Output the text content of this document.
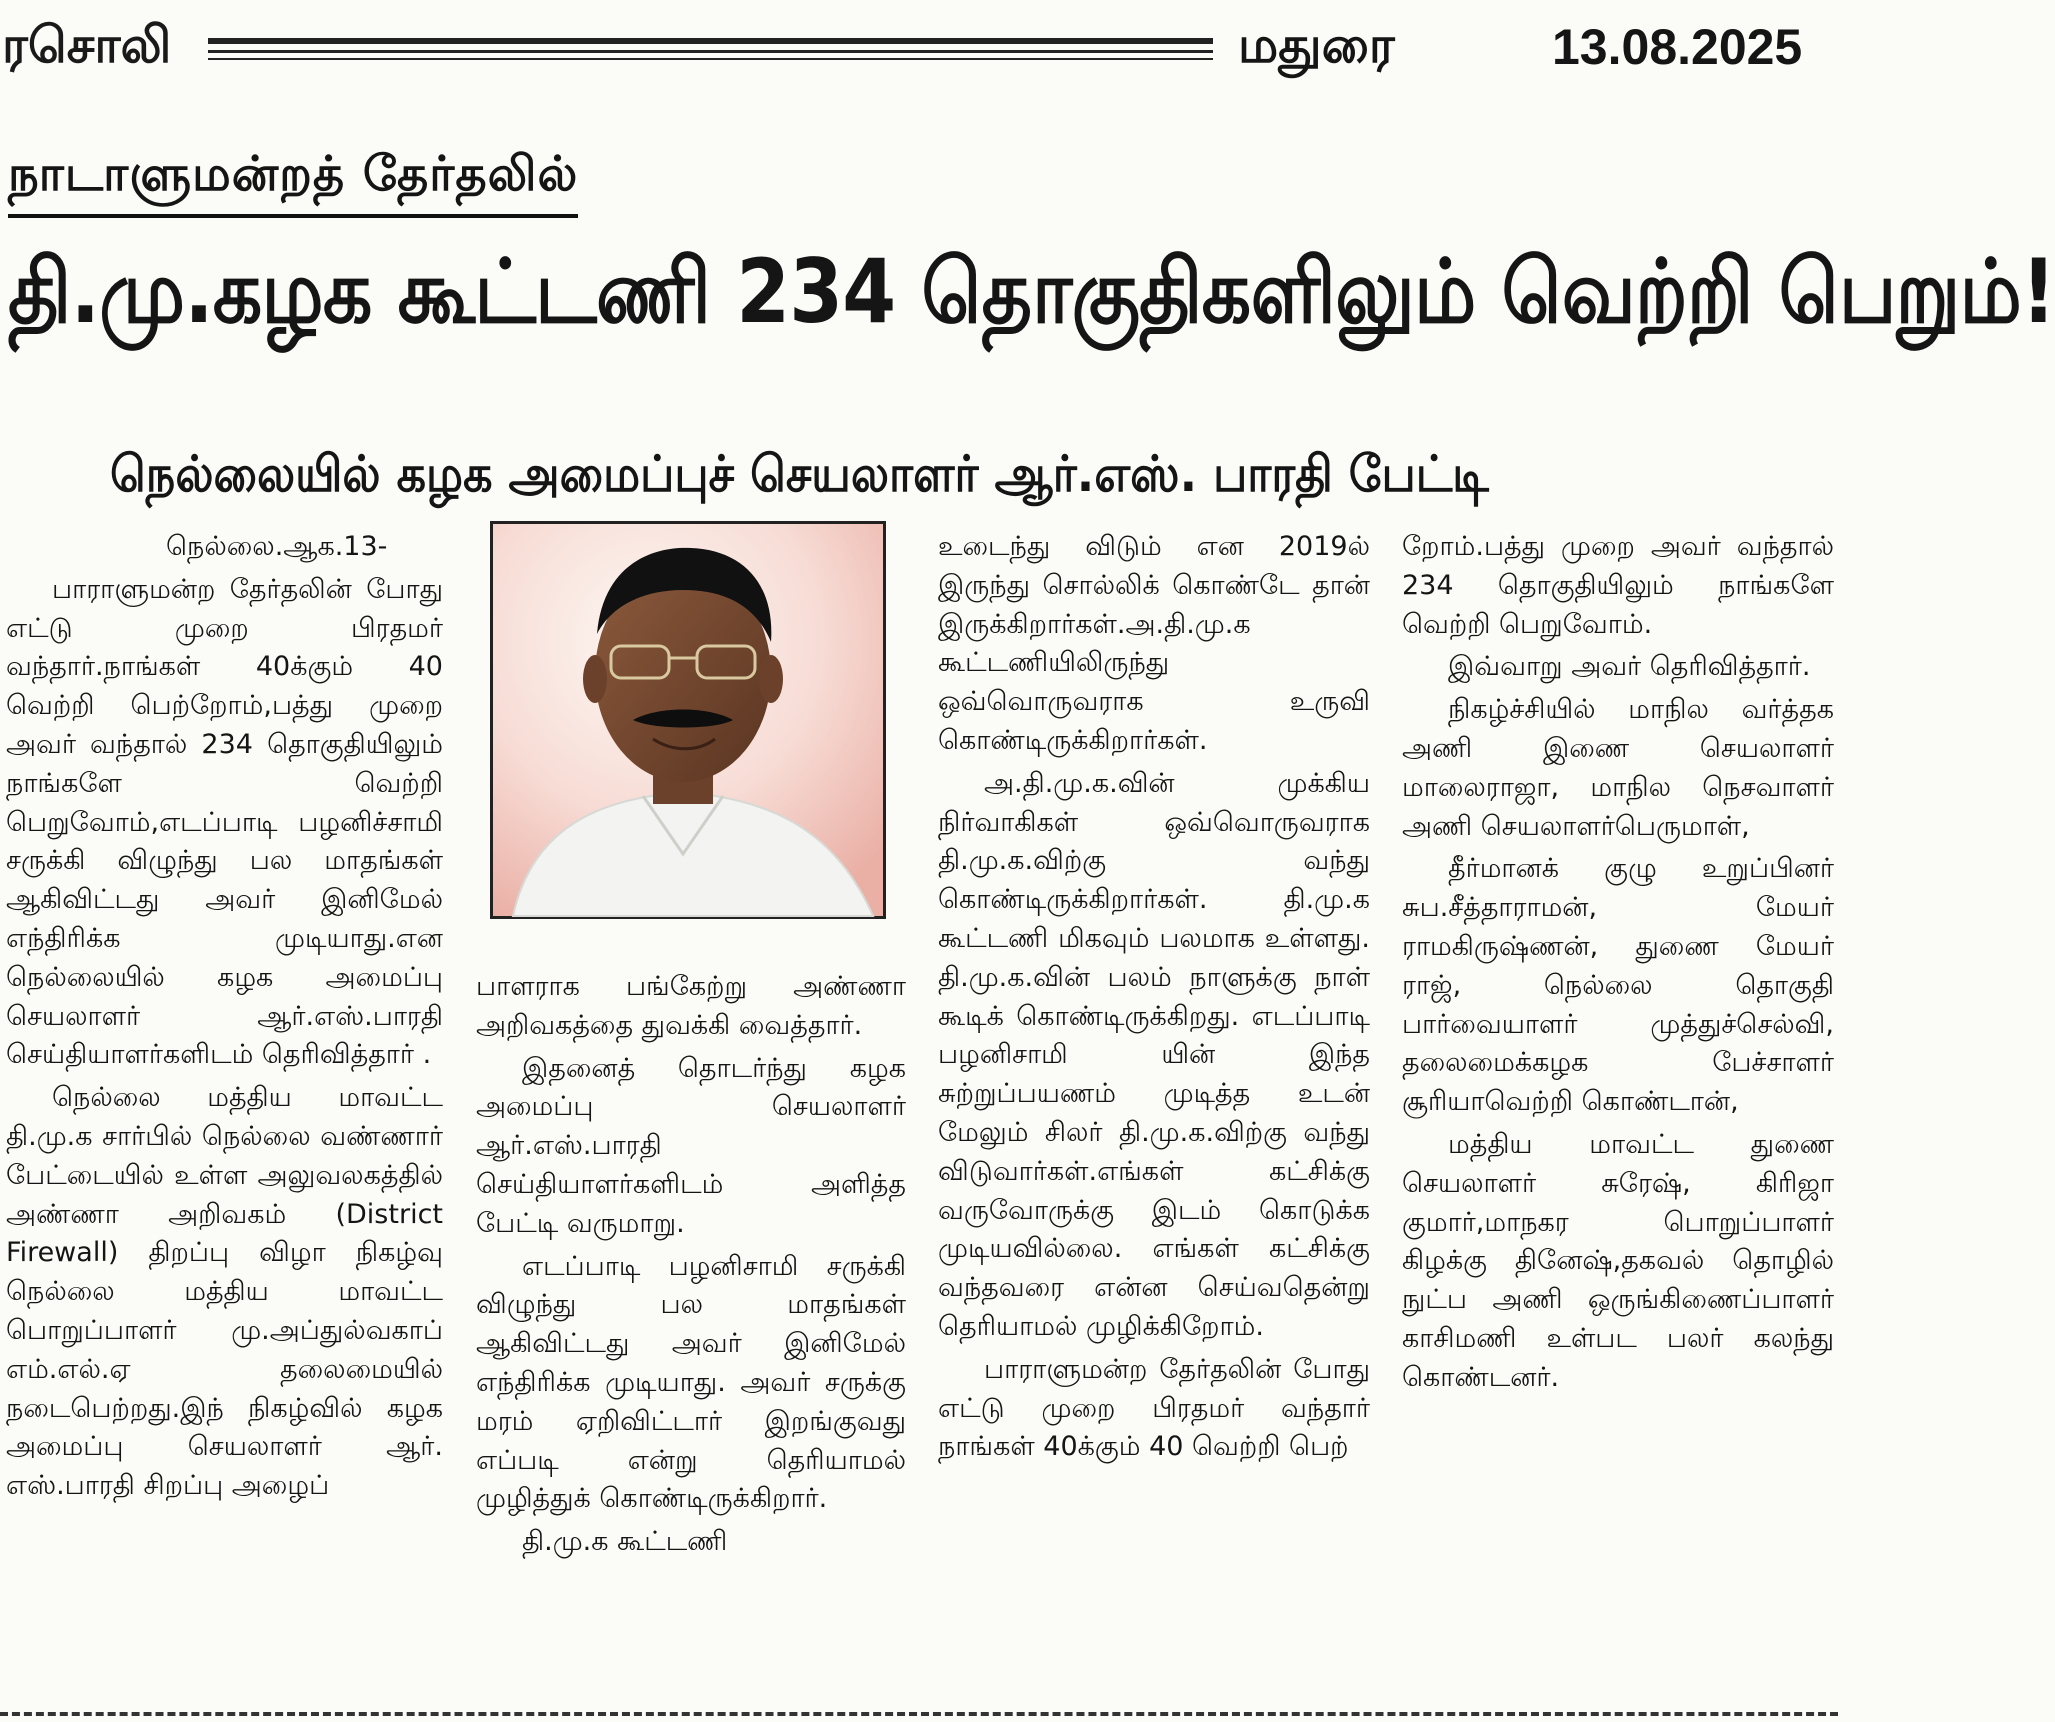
ரசொலி	மதுரை	13.08.2025
நாடாளுமன்றத் தேர்தலில்
தி.மு.கழக கூட்டணி 234 தொகுதிகளிலும் வெற்றி பெறும்!
நெல்லையில் கழக அமைப்புச் செயலாளர் ஆர்.எஸ். பாரதி பேட்டி

நெல்லை.ஆக.13-

பாராளுமன்ற தேர்தலின் போது எட்டு முறை பிரதமர் வந்தார்.நாங்கள் 40க்கும் 40 வெற்றி பெற்றோம்,பத்து முறை அவர் வந்தால் 234 தொகுதியிலும் நாங்களே வெற்றி பெறுவோம்,எடப்பாடி பழனிச்சாமி சருக்கி விழுந்து பல மாதங்கள் ஆகிவிட்டது அவர் இனிமேல் எந்திரிக்க முடியாது.என நெல்லையில் கழக அமைப்பு செயலாளர் ஆர்.எஸ்.பாரதி செய்தியாளர்களிடம் தெரிவித்தார் .

நெல்லை மத்திய மாவட்ட தி.மு.க சார்பில் நெல்லை வண்ணார் பேட்டையில் உள்ள அலுவலகத்தில் அண்ணா அறிவகம் (District Firewall) திறப்பு விழா நிகழ்வு நெல்லை மத்திய மாவட்ட பொறுப்பாளர் மு.அப்துல்வகாப் எம்.எல்.ஏ தலைமையில் நடைபெற்றது.இந் நிகழ்வில் கழக அமைப்பு செயலாளர் ஆர். எஸ்.பாரதி சிறப்பு அழைப்

பாளராக பங்கேற்று அண்ணா அறிவகத்தை துவக்கி வைத்தார்.

இதனைத் தொடர்ந்து கழக அமைப்பு செயலாளர் ஆர்.எஸ்.பாரதி செய்தியாளர்களிடம் அளித்த பேட்டி வருமாறு.

எடப்பாடி பழனிசாமி சருக்கி விழுந்து பல மாதங்கள் ஆகிவிட்டது அவர் இனிமேல் எந்திரிக்க முடியாது. அவர் சருக்கு மரம் ஏறிவிட்டார் இறங்குவது எப்படி என்று தெரியாமல் முழித்துக் கொண்டிருக்கிறார்.

தி.மு.க கூட்டணி

உடைந்து விடும் என 2019ல் இருந்து சொல்லிக் கொண்டே தான் இருக்கிறார்கள்.அ.தி.மு.க கூட்டணியிலிருந்து ஒவ்வொருவராக உருவி கொண்டிருக்கிறார்கள்.

அ.தி.மு.க.வின் முக்கிய நிர்வாகிகள் ஒவ்வொருவராக தி.மு.க.விற்கு வந்து கொண்டிருக்கிறார்கள். தி.மு.க கூட்டணி மிகவும் பலமாக உள்ளது. தி.மு.க.வின் பலம் நாளுக்கு நாள் கூடிக் கொண்டிருக்கிறது. எடப்பாடி பழனிசாமி யின் இந்த சுற்றுப்பயணம் முடித்த உடன் மேலும் சிலர் தி.மு.க.விற்கு வந்து விடுவார்கள்.எங்கள் கட்சிக்கு வருவோருக்கு இடம் கொடுக்க முடியவில்லை. எங்கள் கட்சிக்கு வந்தவரை என்ன செய்வதென்று தெரியாமல் முழிக்கிறோம்.

பாராளுமன்ற தேர்தலின் போது எட்டு முறை பிரதமர் வந்தார் நாங்கள் 40க்கும் 40 வெற்றி பெற்

றோம்.பத்து முறை அவர் வந்தால் 234 தொகுதியிலும் நாங்களே வெற்றி பெறுவோம்.

இவ்வாறு அவர் தெரிவித்தார்.

நிகழ்ச்சியில் மாநில வர்த்தக அணி இணை செயலாளர் மாலைராஜா, மாநில நெசவாளர் அணி செயலாளர்பெருமாள்,

தீர்மானக் குழு உறுப்பினர் சுப.சீத்தாராமன், மேயர் ராமகிருஷ்ணன், துணை மேயர் ராஜ், நெல்லை தொகுதி பார்வையாளர் முத்துச்செல்வி, தலைமைக்கழக பேச்சாளர் சூரியாவெற்றி கொண்டான்,

மத்திய மாவட்ட துணை செயலாளர் சுரேஷ், கிரிஜா குமார்,மாநகர பொறுப்பாளர் கிழக்கு தினேஷ்,தகவல் தொழில் நுட்ப அணி ஒருங்கிணைப்பாளர் காசிமணி உள்பட பலர் கலந்து கொண்டனர்.
